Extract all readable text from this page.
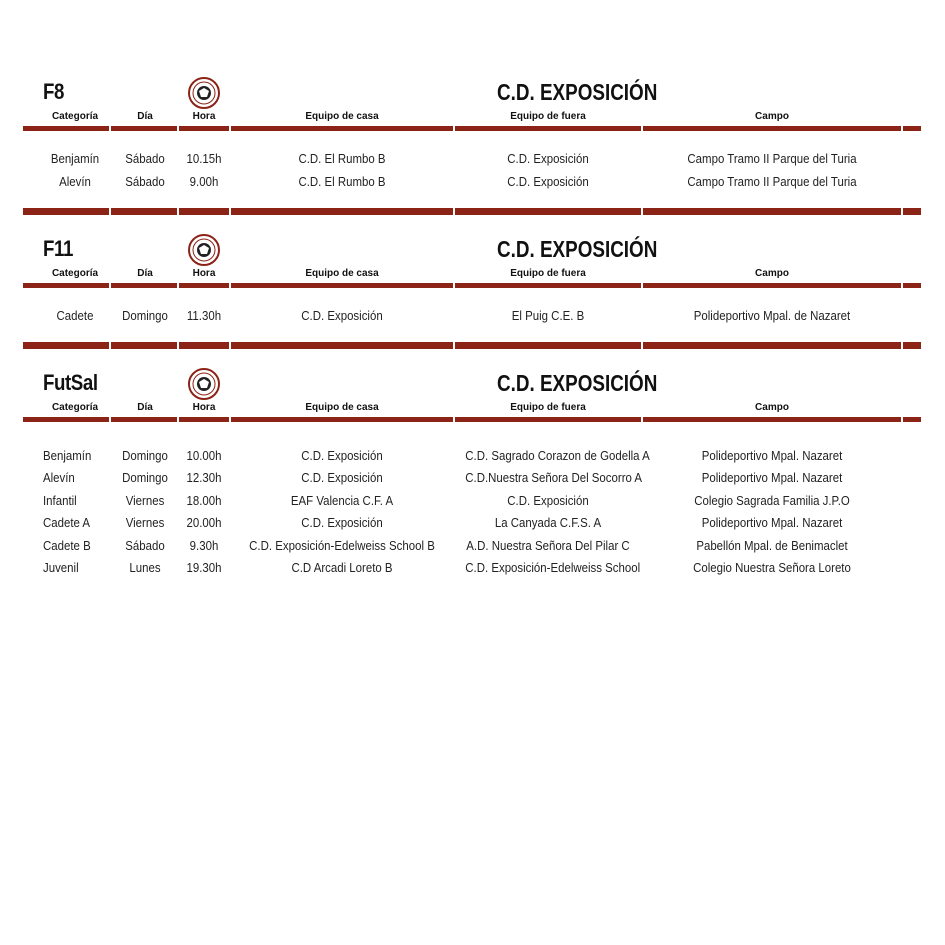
F8	C.D. EXPOSICIÓN
Categoría	Día	Hora	Equipo de casa	Equipo de fuera	Campo
Benjamín	Sábado	10.15h	C.D. El Rumbo B	C.D. Exposición	Campo Tramo II Parque del Turia
Alevín	Sábado	9.00h	C.D. El Rumbo B	C.D. Exposición	Campo Tramo II Parque del Turia
F11	C.D. EXPOSICIÓN
Categoría	Día	Hora	Equipo de casa	Equipo de fuera	Campo
Cadete	Domingo	11.30h	C.D. Exposición	El Puig C.E. B	Polideportivo Mpal. de Nazaret
FutSal	C.D. EXPOSICIÓN
Categoría	Día	Hora	Equipo de casa	Equipo de fuera	Campo
Benjamín	Domingo	10.00h	C.D. Exposición	C.D. Sagrado Corazon de Godella A	Polideportivo Mpal. Nazaret
Alevín	Domingo	12.30h	C.D. Exposición	C.D.Nuestra Señora Del Socorro A	Polideportivo Mpal. Nazaret
Infantil	Viernes	18.00h	EAF Valencia C.F. A	C.D. Exposición	Colegio Sagrada Familia J.P.O
Cadete A	Viernes	20.00h	C.D. Exposición	La Canyada C.F.S. A	Polideportivo Mpal. Nazaret
Cadete B	Sábado	9.30h	C.D. Exposición-Edelweiss School B	A.D. Nuestra Señora Del Pilar C	Pabellón Mpal. de Benimaclet
Juvenil	Lunes	19.30h	C.D Arcadi Loreto B	C.D. Exposición-Edelweiss School	Colegio Nuestra Señora Loreto
